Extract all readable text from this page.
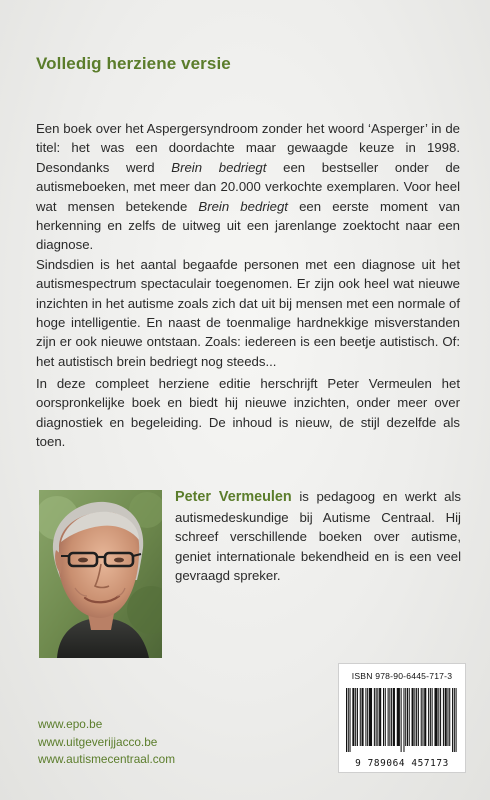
Volledig herziene versie

Een boek over het Aspergersyndroom zonder het woord ‘Asperger’ in de titel: het was een doordachte maar gewaagde keuze in 1998. Desondanks werd Brein bedriegt een bestseller onder de autismeboeken, met meer dan 20.000 verkochte exemplaren. Voor heel wat mensen betekende Brein bedriegt een eerste moment van herkenning en zelfs de uitweg uit een jarenlange zoektocht naar een diagnose.

Sindsdien is het aantal begaafde personen met een diagnose uit het autismespectrum spectaculair toegenomen. Er zijn ook heel wat nieuwe inzichten in het autisme zoals zich dat uit bij mensen met een normale of hoge intelligentie. En naast de toenmalige hardnekkige misverstanden zijn er ook nieuwe ontstaan. Zoals: iedereen is een beetje autistisch. Of: het autistisch brein bedriegt nog steeds...

In deze compleet herziene editie herschrijft Peter Vermeulen het oorspronkelijke boek en biedt hij nieuwe inzichten, onder meer over diagnostiek en begeleiding. De inhoud is nieuw, de stijl dezelfde als toen.

Peter Vermeulen is pedagoog en werkt als autismedeskundige bij Autisme Centraal. Hij schreef verschillende boeken over autisme, geniet internationale bekendheid en is een veel gevraagd spreker.
www.epo.be
www.uitgeverijjacco.be
www.autismecentraal.com
ISBN 978-90-6445-717-3
9 789064 457173
